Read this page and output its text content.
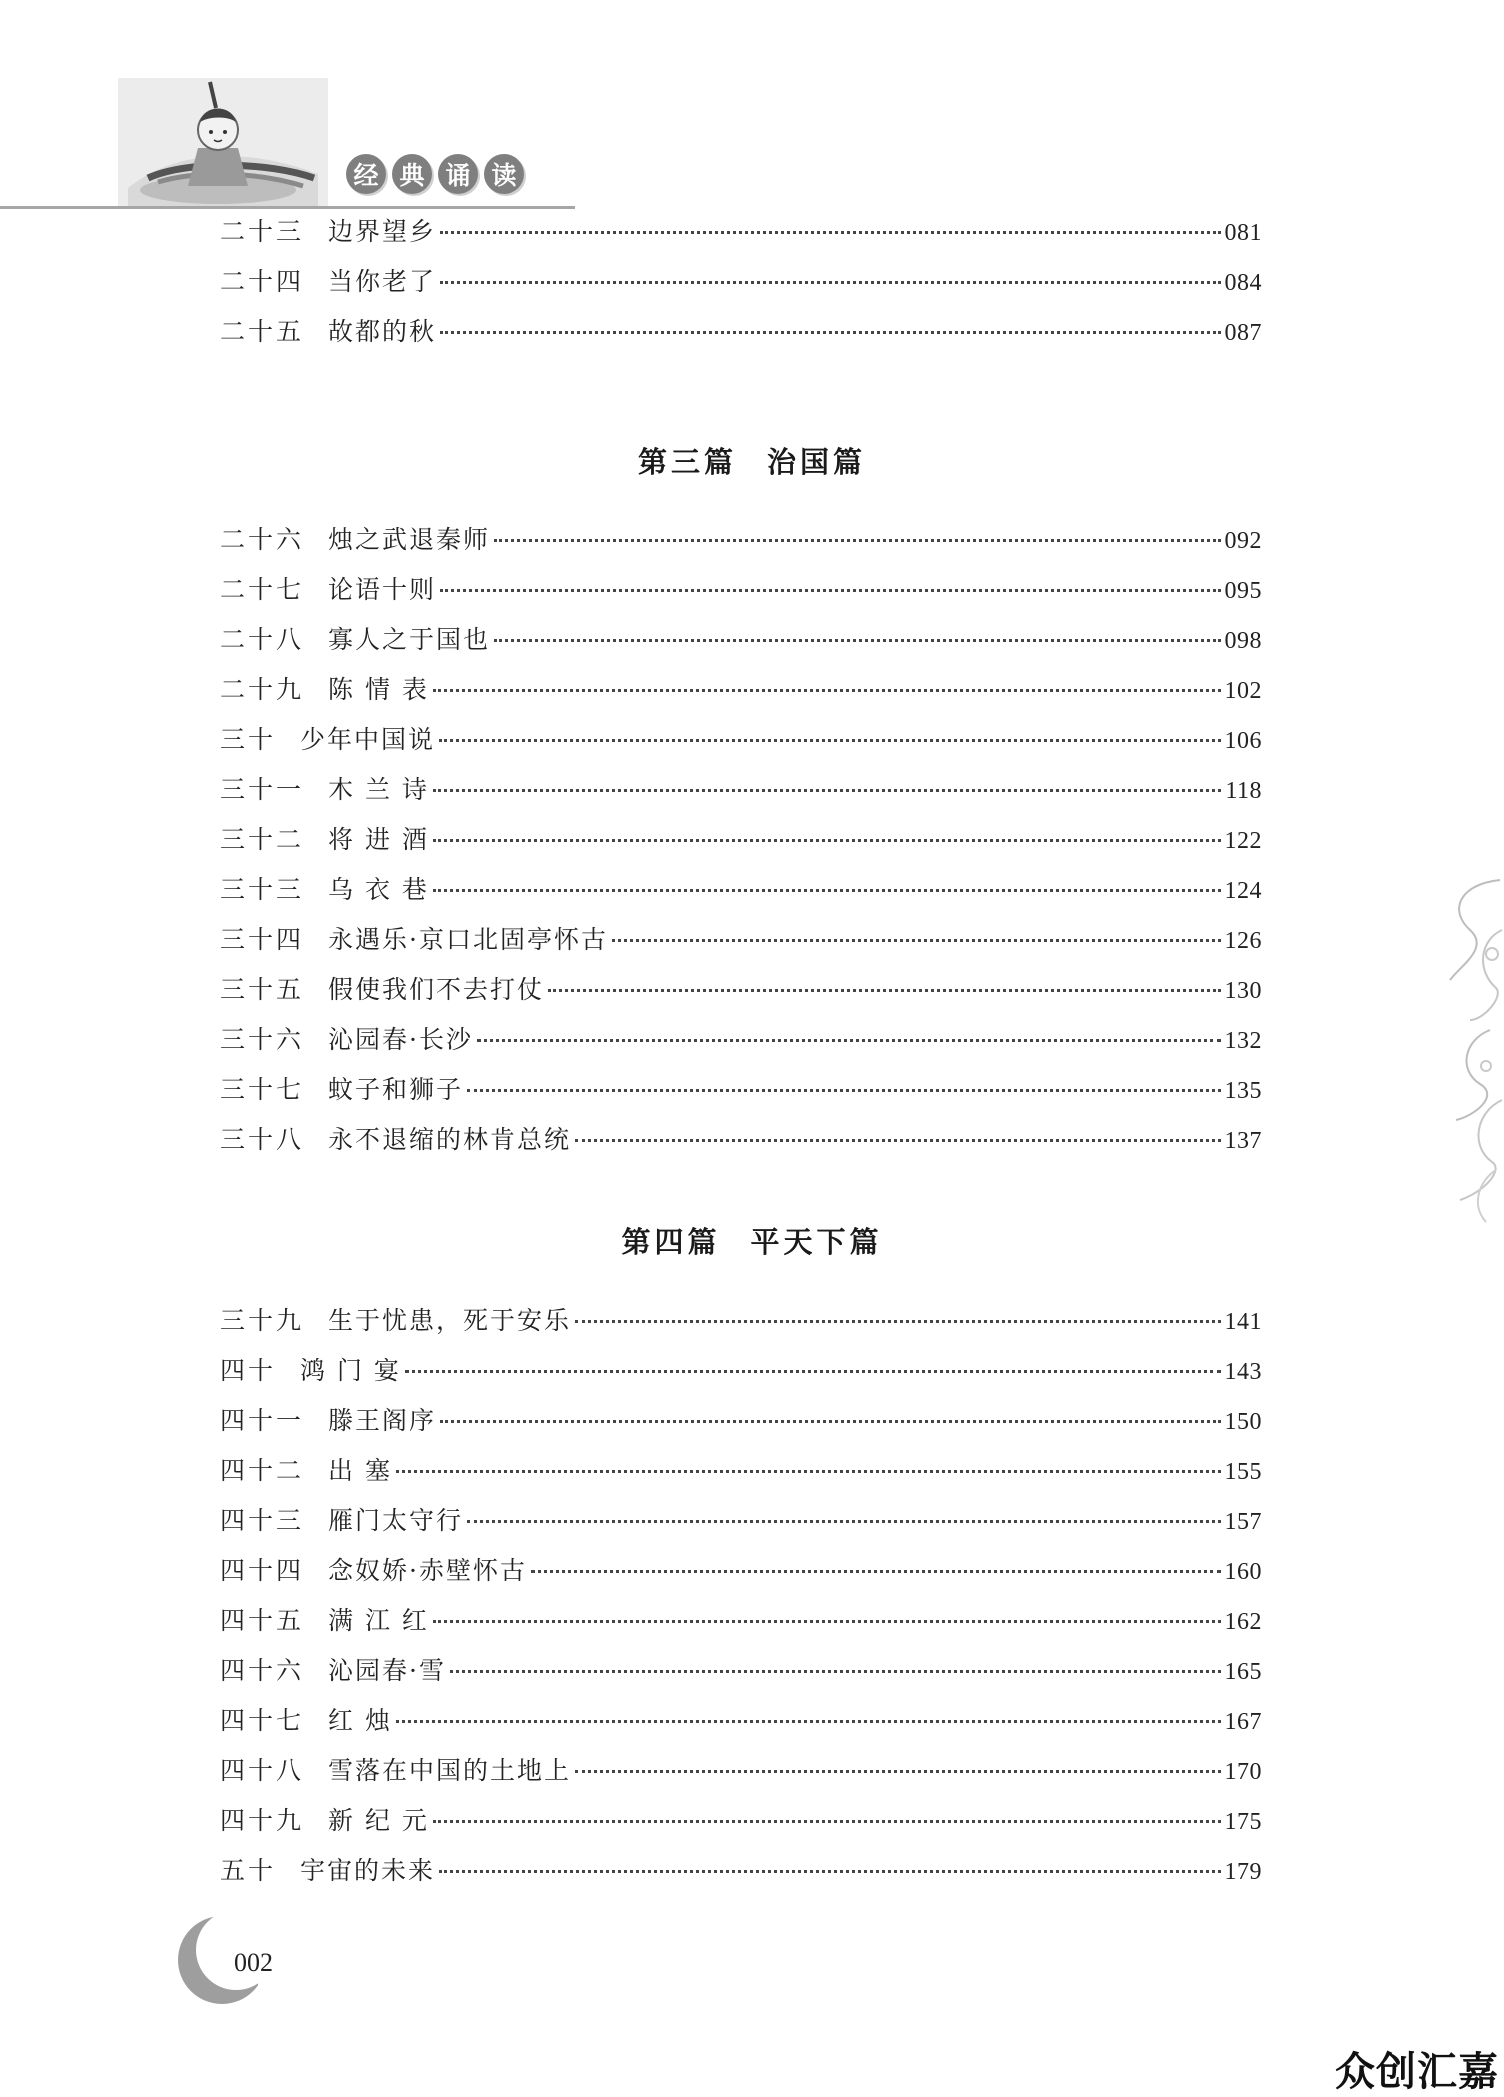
经 典 诵 读
二十三 边界望乡	081
二十四 当你老了	084
二十五 故都的秋	087
第三篇 治国篇
二十六 烛之武退秦师	092
二十七 论语十则	095
二十八 寡人之于国也	098
二十九 陈 情 表	102
三十 少年中国说	106
三十一 木 兰 诗	118
三十二 将 进 酒	122
三十三 乌 衣 巷	124
三十四 永遇乐·京口北固亭怀古	126
三十五 假使我们不去打仗	130
三十六 沁园春·长沙	132
三十七 蚊子和狮子	135
三十八 永不退缩的林肯总统	137
第四篇 平天下篇
三十九 生于忧患，死于安乐	141
四十 鸿 门 宴	143
四十一 滕王阁序	150
四十二 出 塞	155
四十三 雁门太守行	157
四十四 念奴娇·赤壁怀古	160
四十五 满 江 红	162
四十六 沁园春·雪	165
四十七 红 烛	167
四十八 雪落在中国的土地上	170
四十九 新 纪 元	175
五十 宇宙的未来	179
002
众创汇嘉
